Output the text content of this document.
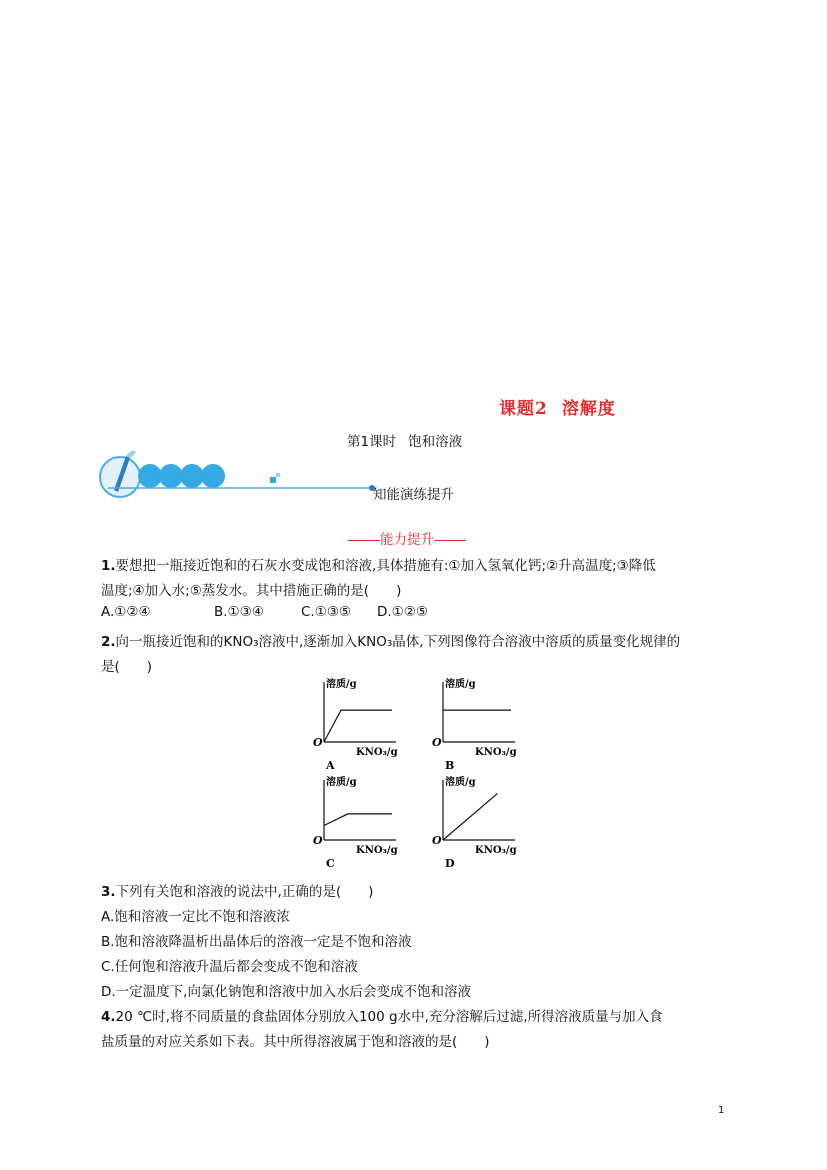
课题2 溶解度
第1课时 饱和溶液
知能演练提升
能力提升
1.要想把一瓶接近饱和的石灰水变成饱和溶液,具体措施有:①加入氢氧化钙;②升高温度;③降低
温度;④加入水;⑤蒸发水。其中措施正确的是(　　)
A.①②④	B.①③④	C.①③⑤ D.①②⑤
2.向一瓶接近饱和的KNO₃溶液中,逐渐加入KNO₃晶体,下列图像符合溶液中溶质的质量变化规律的
是(　　)
溶质/g
O
KNO₃/g
A
溶质/g
O
KNO₃/g
B
溶质/g
O
KNO₃/g
C
溶质/g
O
KNO₃/g
D
3.下列有关饱和溶液的说法中,正确的是(　　)
A.饱和溶液一定比不饱和溶液浓
B.饱和溶液降温析出晶体后的溶液一定是不饱和溶液
C.任何饱和溶液升温后都会变成不饱和溶液
D.一定温度下,向氯化钠饱和溶液中加入水后会变成不饱和溶液
4.20 ℃时,将不同质量的食盐固体分别放入100 g水中,充分溶解后过滤,所得溶液质量与加入食
盐质量的对应关系如下表。其中所得溶液属于饱和溶液的是(　　)
1
